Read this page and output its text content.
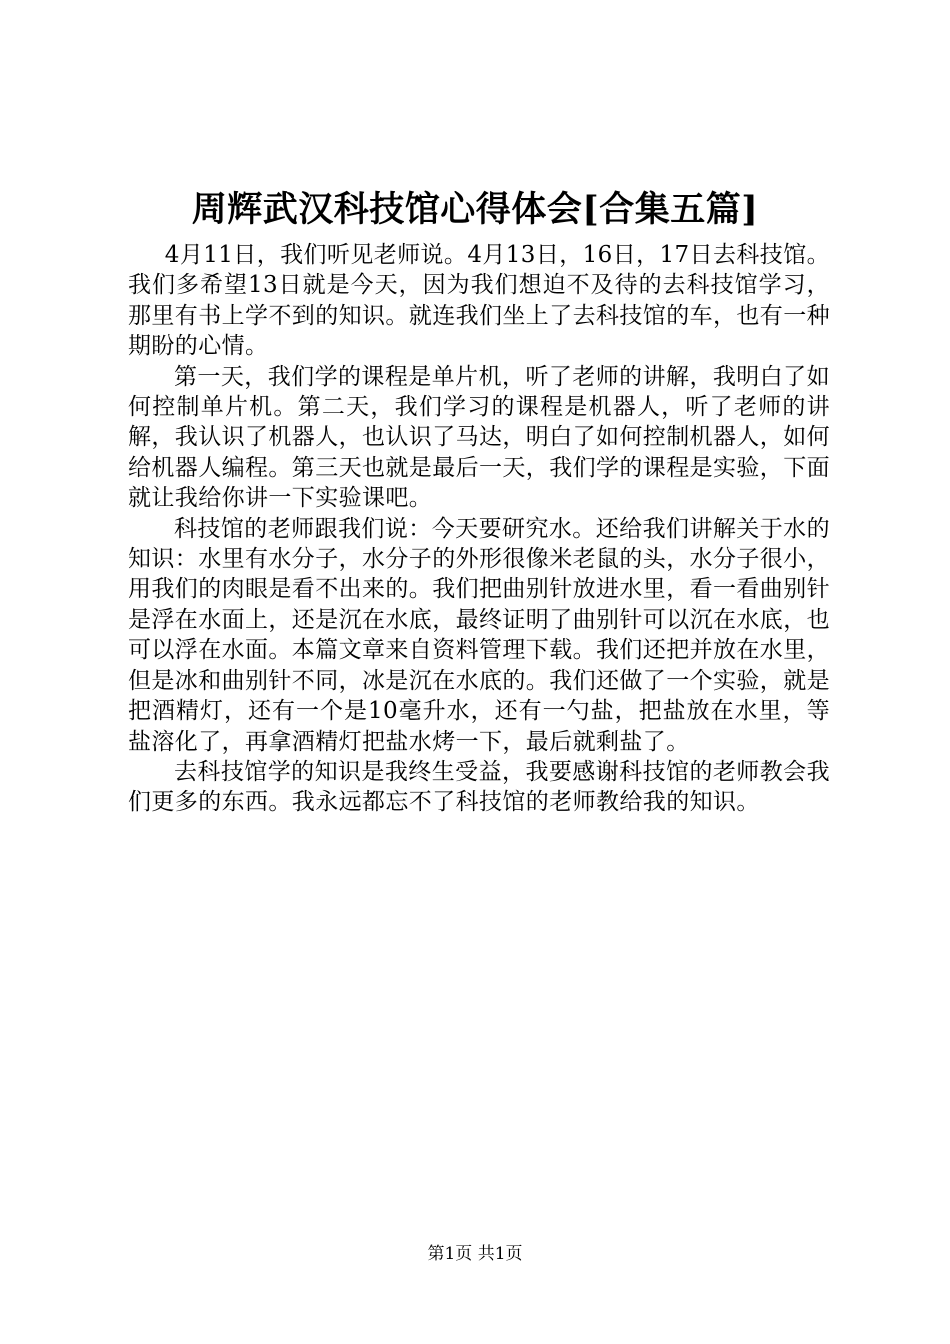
周辉武汉科技馆心得体会[合集五篇]

4月11日，我们听见老师说。4月13日，16日，17日去科技馆。我们多希望13日就是今天，因为我们想迫不及待的去科技馆学习，那里有书上学不到的知识。就连我们坐上了去科技馆的车，也有一种期盼的心情。

第一天，我们学的课程是单片机，听了老师的讲解，我明白了如何控制单片机。第二天，我们学习的课程是机器人，听了老师的讲解，我认识了机器人，也认识了马达，明白了如何控制机器人，如何给机器人编程。第三天也就是最后一天，我们学的课程是实验，下面就让我给你讲一下实验课吧。

科技馆的老师跟我们说：今天要研究水。还给我们讲解关于水的知识：水里有水分子，水分子的外形很像米老鼠的头，水分子很小，用我们的肉眼是看不出来的。我们把曲别针放进水里，看一看曲别针是浮在水面上，还是沉在水底，最终证明了曲别针可以沉在水底，也可以浮在水面。本篇文章来自资料管理下载。我们还把并放在水里，但是冰和曲别针不同，冰是沉在水底的。我们还做了一个实验，就是把酒精灯，还有一个是10毫升水，还有一勺盐，把盐放在水里，等盐溶化了，再拿酒精灯把盐水烤一下，最后就剩盐了。

去科技馆学的知识是我终生受益，我要感谢科技馆的老师教会我们更多的东西。我永远都忘不了科技馆的老师教给我的知识。

第1页 共1页
